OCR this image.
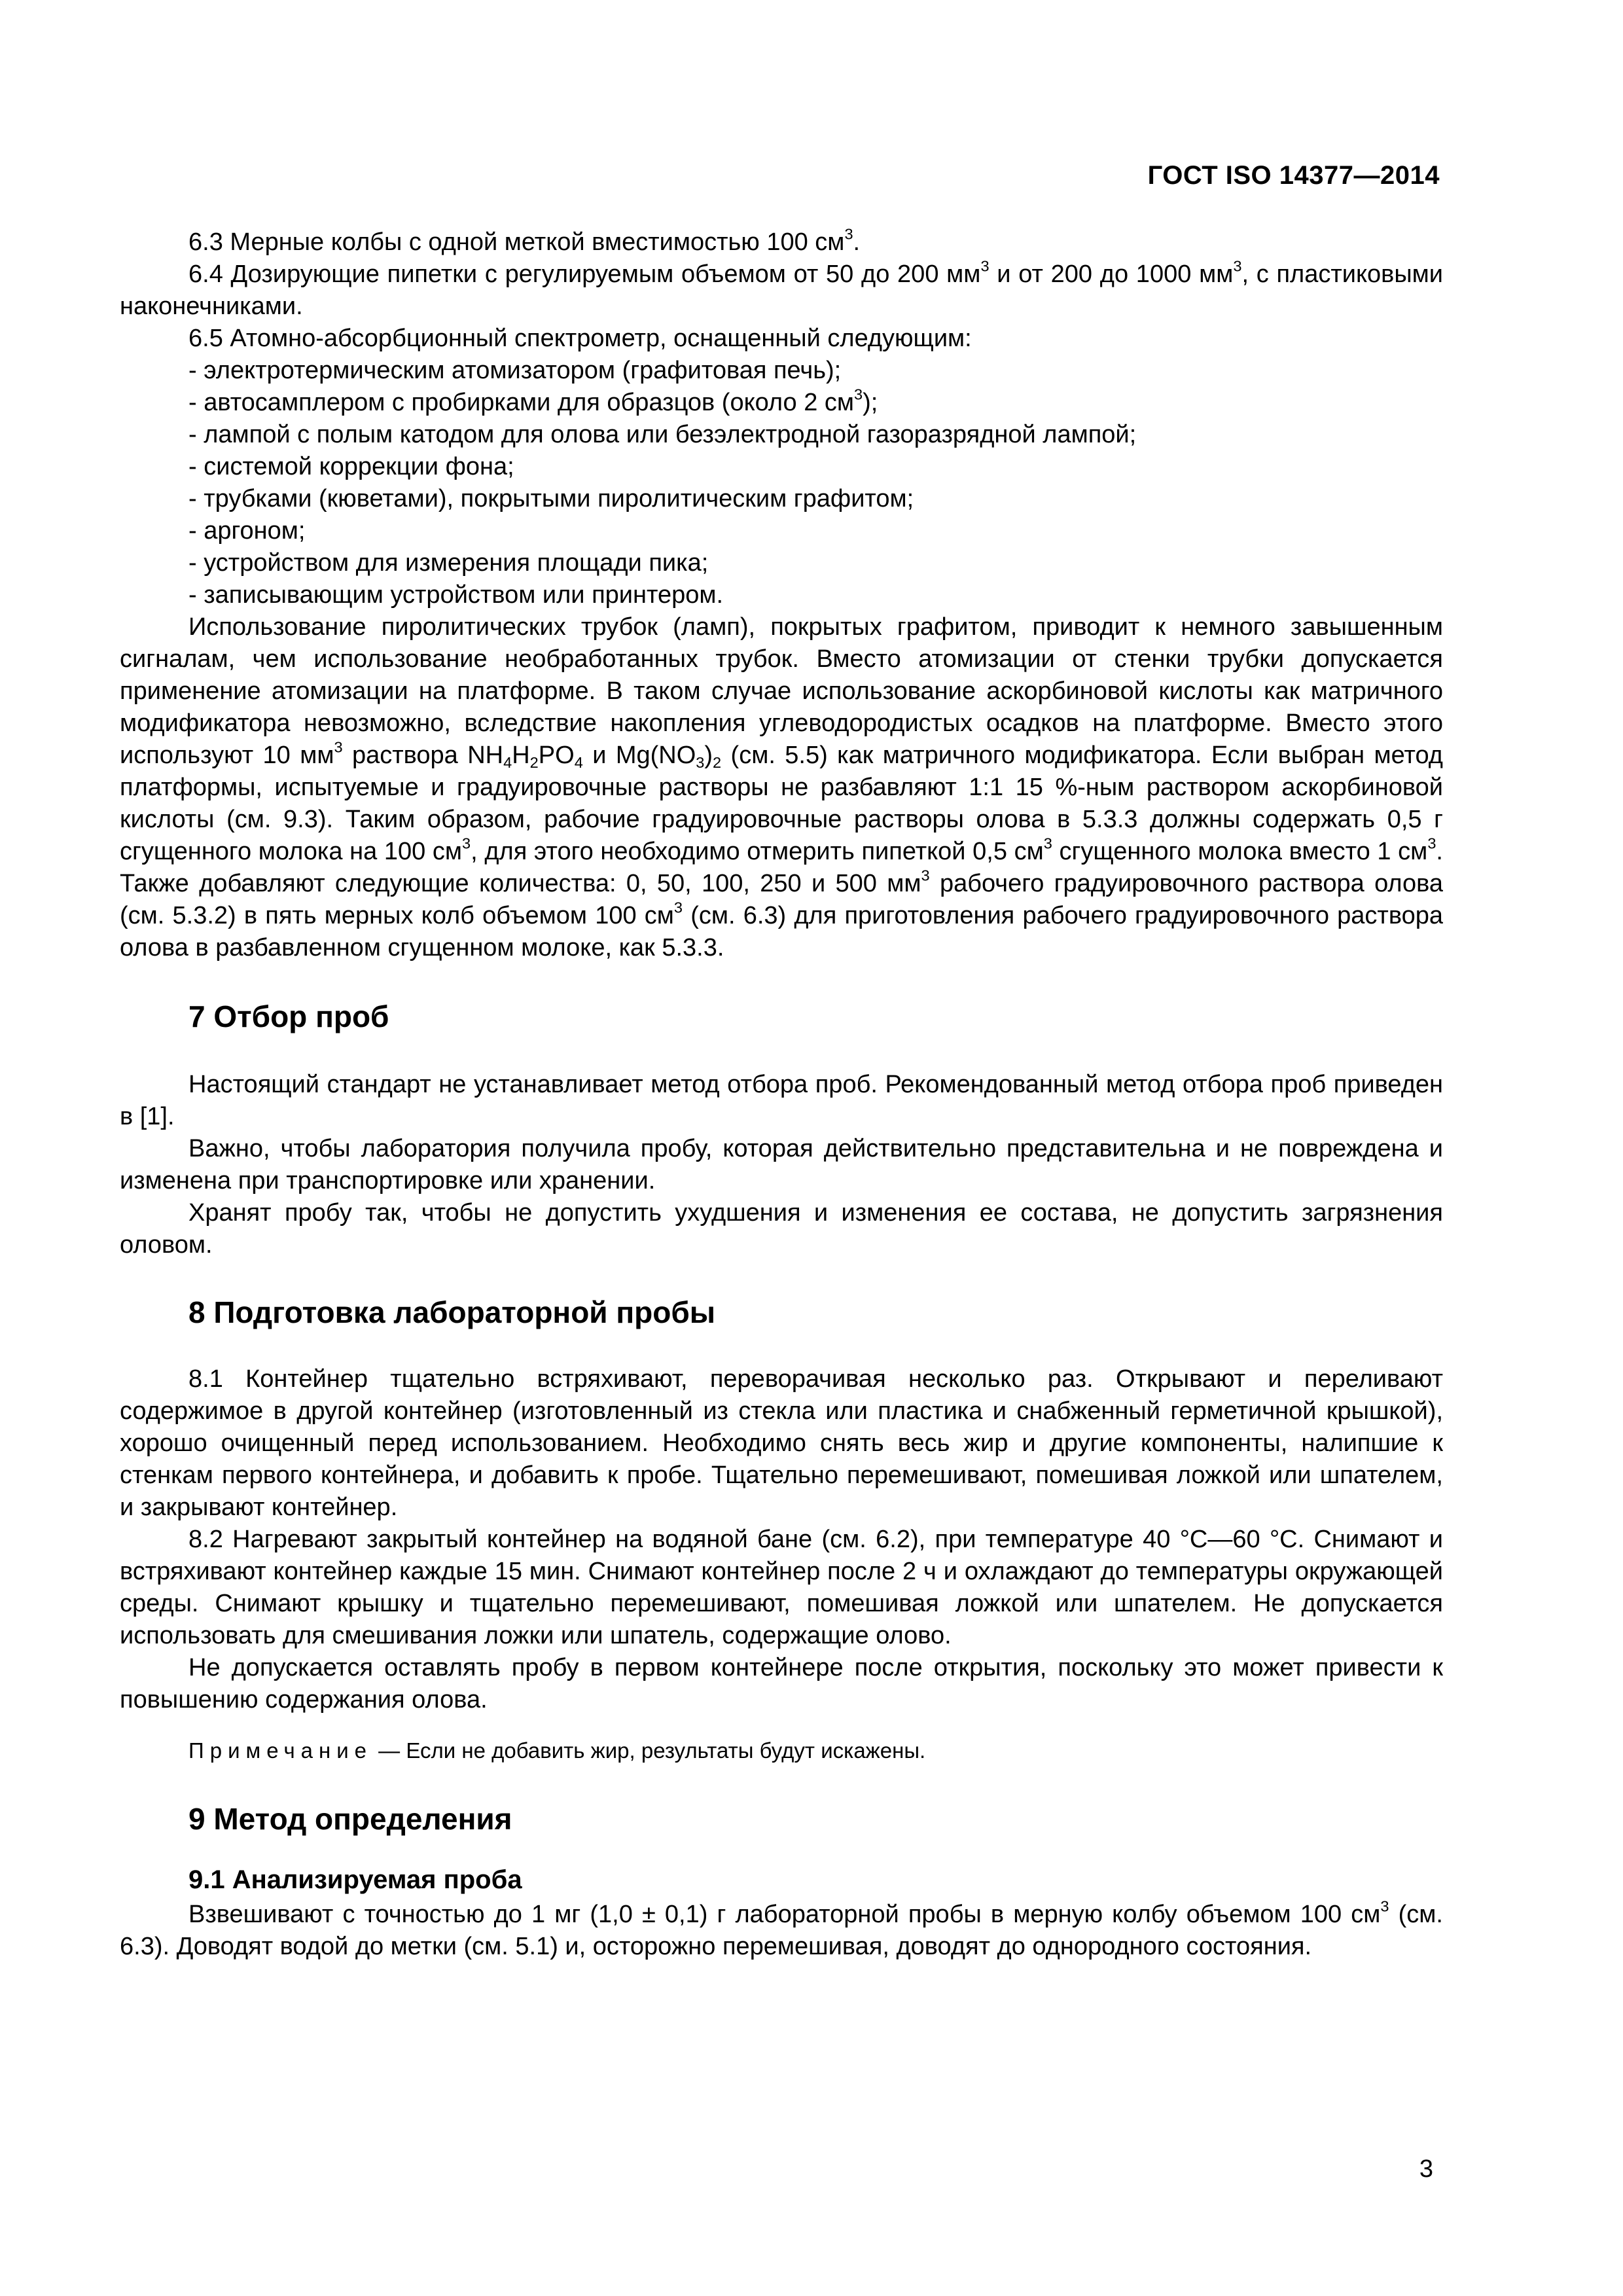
ГОСТ ISO 14377—2014

6.3 Мерные колбы с одной меткой вместимостью 100 $см^3$.

6.4 Дозирующие пипетки с регулируемым объемом от 50 до 200 $мм^3$ и от 200 до 1000 $мм^3$, с пластиковыми наконечниками.

6.5 Атомно-абсорбционный спектрометр, оснащенный следующим:

- электротермическим атомизатором (графитовая печь);

- автосамплером с пробирками для образцов (около 2 $см^3$);

- лампой с полым катодом для олова или безэлектродной газоразрядной лампой;

- системой коррекции фона;

- трубками (кюветами), покрытыми пиролитическим графитом;

- аргоном;

- устройством для измерения площади пика;

- записывающим устройством или принтером.

Использование пиролитических трубок (ламп), покрытых графитом, приводит к немного завышенным сигналам, чем использование необработанных трубок. Вместо атомизации от стенки трубки допускается применение атомизации на платформе. В таком случае использование аскорбиновой кислоты как матричного модификатора невозможно, вследствие накопления углеводородистых осадков на платформе. Вместо этого используют 10 $мм^3$ раствора $NH_4H_2PO_4$ и $Mg(NO_3)_2$ (см. 5.5) как матричного модификатора. Если выбран метод платформы, испытуемые и градуировочные растворы не разбавляют 1:1 15 %-ным раствором аскорбиновой кислоты (см. 9.3). Таким образом, рабочие градуировочные растворы олова в 5.3.3 должны содержать 0,5 г сгущенного молока на 100 $см^3$, для этого необходимо отмерить пипеткой 0,5 $см^3$ сгущенного молока вместо 1 $см^3$. Также добавляют следующие количества: 0, 50, 100, 250 и 500 $мм^3$ рабочего градуировочного раствора олова (см. 5.3.2) в пять мерных колб объемом 100 $см^3$ (см. 6.3) для приготовления рабочего градуировочного раствора олова в разбавленном сгущенном молоке, как 5.3.3.

7 Отбор проб

Настоящий стандарт не устанавливает метод отбора проб. Рекомендованный метод отбора проб приведен в [1].

Важно, чтобы лаборатория получила пробу, которая действительно представительна и не повреждена и изменена при транспортировке или хранении.

Хранят пробу так, чтобы не допустить ухудшения и изменения ее состава, не допустить загрязнения оловом.

8 Подготовка лабораторной пробы

8.1 Контейнер тщательно встряхивают, переворачивая несколько раз. Открывают и переливают содержимое в другой контейнер (изготовленный из стекла или пластика и снабженный герметичной крышкой), хорошо очищенный перед использованием. Необходимо снять весь жир и другие компоненты, налипшие к стенкам первого контейнера, и добавить к пробе. Тщательно перемешивают, помешивая ложкой или шпателем, и закрывают контейнер.

8.2 Нагревают закрытый контейнер на водяной бане (см. 6.2), при температуре 40 °C—60 °C. Снимают и встряхивают контейнер каждые 15 мин. Снимают контейнер после 2 ч и охлаждают до температуры окружающей среды. Снимают крышку и тщательно перемешивают, помешивая ложкой или шпателем. Не допускается использовать для смешивания ложки или шпатель, содержащие олово.

Не допускается оставлять пробу в первом контейнере после открытия, поскольку это может привести к повышению содержания олова.

Примечание — Если не добавить жир, результаты будут искажены.

9 Метод определения
9.1 Анализируемая проба

Взвешивают с точностью до 1 мг (1,0 ± 0,1) г лабораторной пробы в мерную колбу объемом 100 $см^3$ (см. 6.3). Доводят водой до метки (см. 5.1) и, осторожно перемешивая, доводят до однородного состояния.

3
